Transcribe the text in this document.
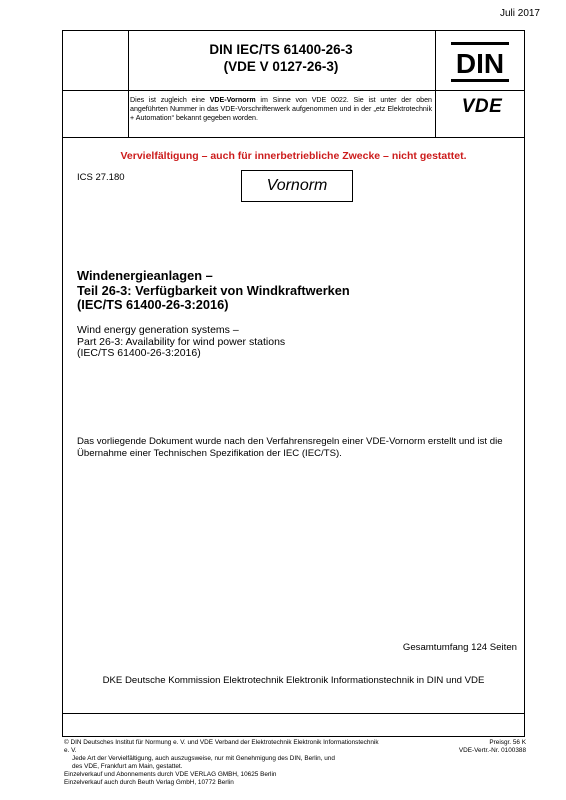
Juli 2017
DIN IEC/TS 61400-26-3
(VDE V 0127-26-3)	DIN
VDE
Dies ist zugleich eine VDE-Vornorm im Sinne von VDE 0022. Sie ist unter der oben angeführten Nummer in das VDE-Vorschriftenwerk aufgenommen und in der „etz Elektrotechnik + Automation“ bekannt gegeben worden.
Vervielfältigung – auch für innerbetriebliche Zwecke – nicht gestattet.
ICS 27.180	Vornorm
Windenergieanlagen –
Teil 26-3: Verfügbarkeit von Windkraftwerken
(IEC/TS 61400-26-3:2016)
Wind energy generation systems –
Part 26-3: Availability for wind power stations
(IEC/TS 61400-26-3:2016)
Das vorliegende Dokument wurde nach den Verfahrensregeln einer VDE-Vornorm erstellt und ist die Übernahme einer Technischen Spezifikation der IEC (IEC/TS).
Gesamtumfang 124 Seiten
DKE Deutsche Kommission Elektrotechnik Elektronik Informationstechnik in DIN und VDE
© DIN Deutsches Institut für Normung e. V. und VDE Verband der Elektrotechnik Elektronik Informationstechnik e. V.
Jede Art der Vervielfältigung, auch auszugsweise, nur mit Genehmigung des DIN, Berlin, und
des VDE, Frankfurt am Main, gestattet.
Einzelverkauf und Abonnements durch VDE VERLAG GMBH, 10625 Berlin
Einzelverkauf auch durch Beuth Verlag GmbH, 10772 Berlin
Preisgr. 56 K
VDE-Vertr.-Nr. 0100388
